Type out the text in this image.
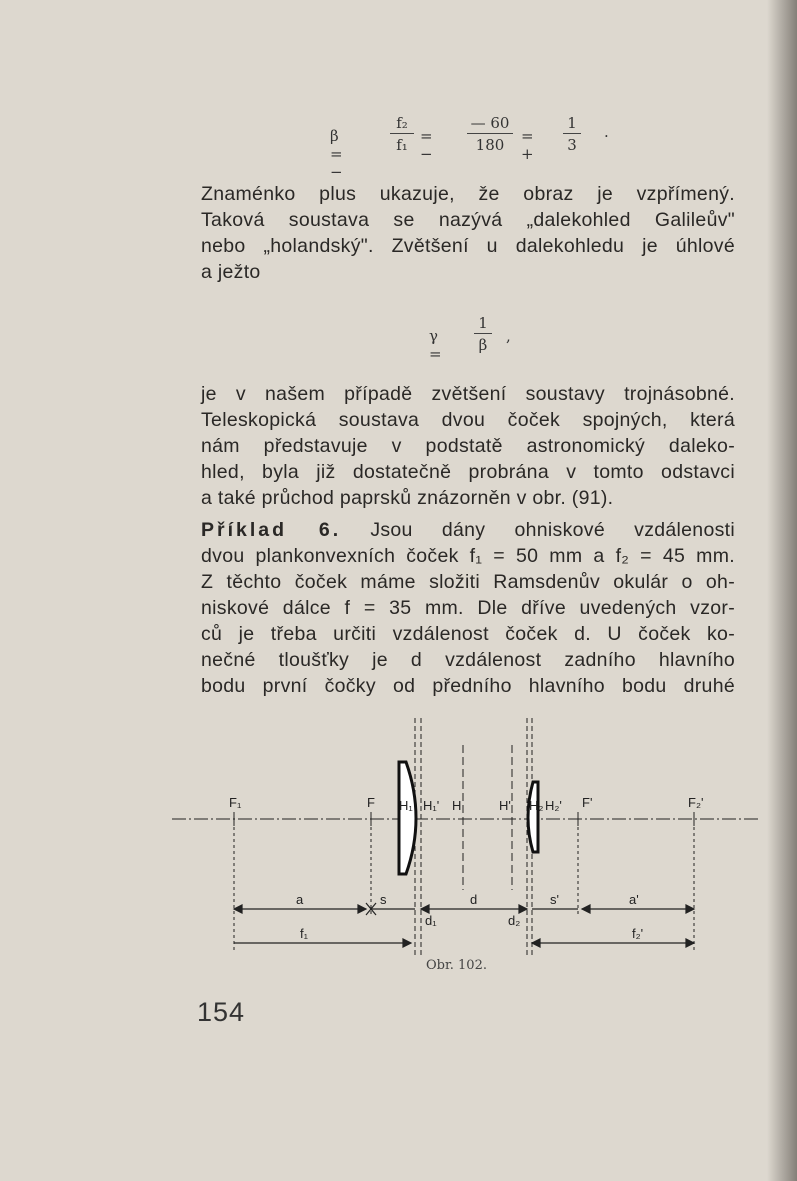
β = −
$\frac{\text{f₂}}{\text{f₁}}$ = − $\frac{— 60}{180}$ = + $\frac{1}{3}$ ·
Znaménko plus ukazuje, že obraz je vzpřímený.
Taková soustava se nazývá „dalekohled Galileův"
nebo „holandský". Zvětšení u dalekohledu je úhlové
a ježto
$\gamma = \frac{1}{\beta}$ ,
je v našem případě zvětšení soustavy trojnásobné.
Teleskopická soustava dvou čoček spojných, která
nám představuje v podstatě astronomický daleko-
hled, byla již dostatečně probrána v tomto odstavci
a také průchod paprsků znázorněn v obr. (91).
Příklad 6. Jsou dány ohniskové vzdálenosti
dvou plankonvexních čoček f₁ = 50 mm a f₂ = 45 mm.
Z těchto čoček máme složiti Ramsdenův okulár o oh-
niskové dálce f = 35 mm. Dle dříve uvedených vzor-
ců je třeba určiti vzdálenost čoček d. U čoček ko-
nečné tloušťky je d vzdálenost zadního hlavního
bodu první čočky od předního hlavního bodu druhé
F₁	F H₁ H₁' H	H' H₂ H₂' F'	F₂'
a	s	d	s'	a'
d₁	d₂
f₁	f₂'
Obr. 102.
154
